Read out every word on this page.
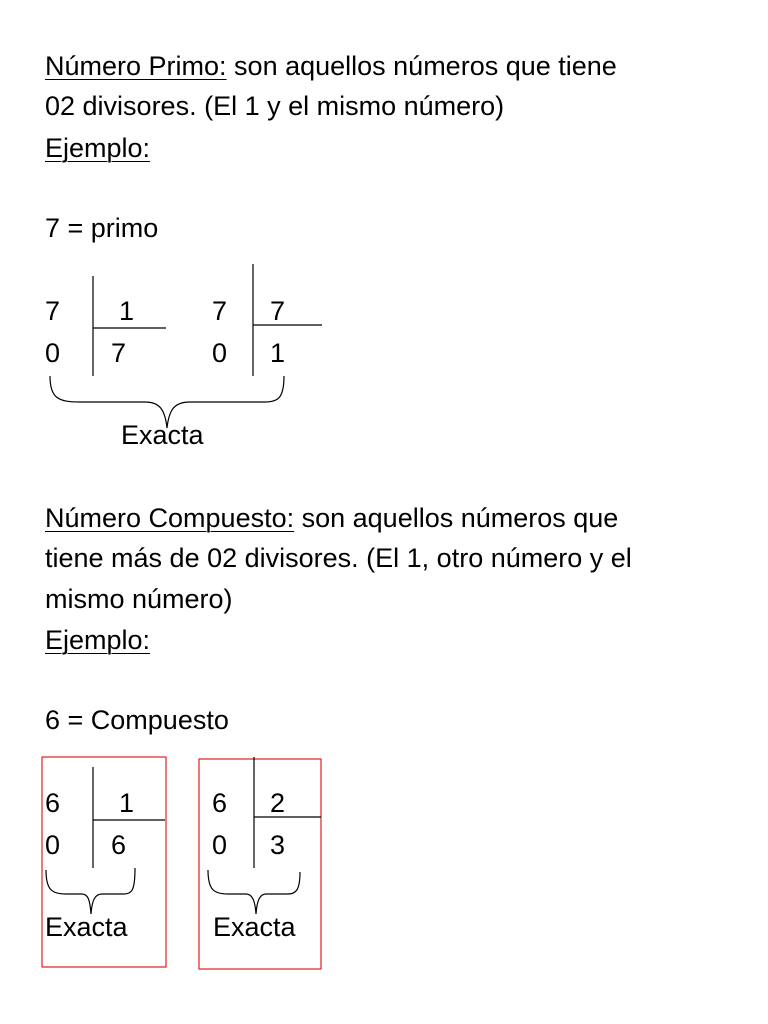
Número Primo: son aquellos números que tiene

02 divisores. (El 1 y el mismo número)

Ejemplo:

7 = primo

7 1
0 7
7 7
0 1
Exacta

Número Compuesto: son aquellos números que

tiene más de 02 divisores. (El 1, otro número y el

mismo número)

Ejemplo:

6 = Compuesto

6 1
0 6
Exacta
6 2
0 3
Exacta
